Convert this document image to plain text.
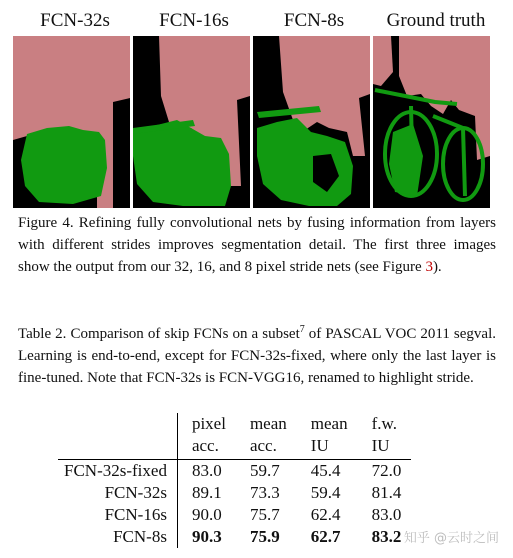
FCN-32s	FCN-16s	FCN-8s	Ground truth
Figure 4. Refining fully convolutional nets by fusing information from layers with different strides improves segmentation detail. The first three images show the output from our 32, 16, and 8 pixel stride nets (see Figure 3).
Table 2. Comparison of skip FCNs on a subset$^7$ of PASCAL VOC 2011 segval. Learning is end-to-end, except for FCN-32s-fixed, where only the last layer is fine-tuned. Note that FCN-32s is FCN-VGG16, renamed to highlight stride.
	pixel	mean	mean	f.w.
	acc.	acc.	IU	IU
FCN-32s-fixed	83.0	59.7	45.4	72.0
FCN-32s	89.1	73.3	59.4	81.4
FCN-16s	90.0	75.7	62.4	83.0
FCN-8s	90.3	75.9	62.7	83.2 知乎 @云时之间
